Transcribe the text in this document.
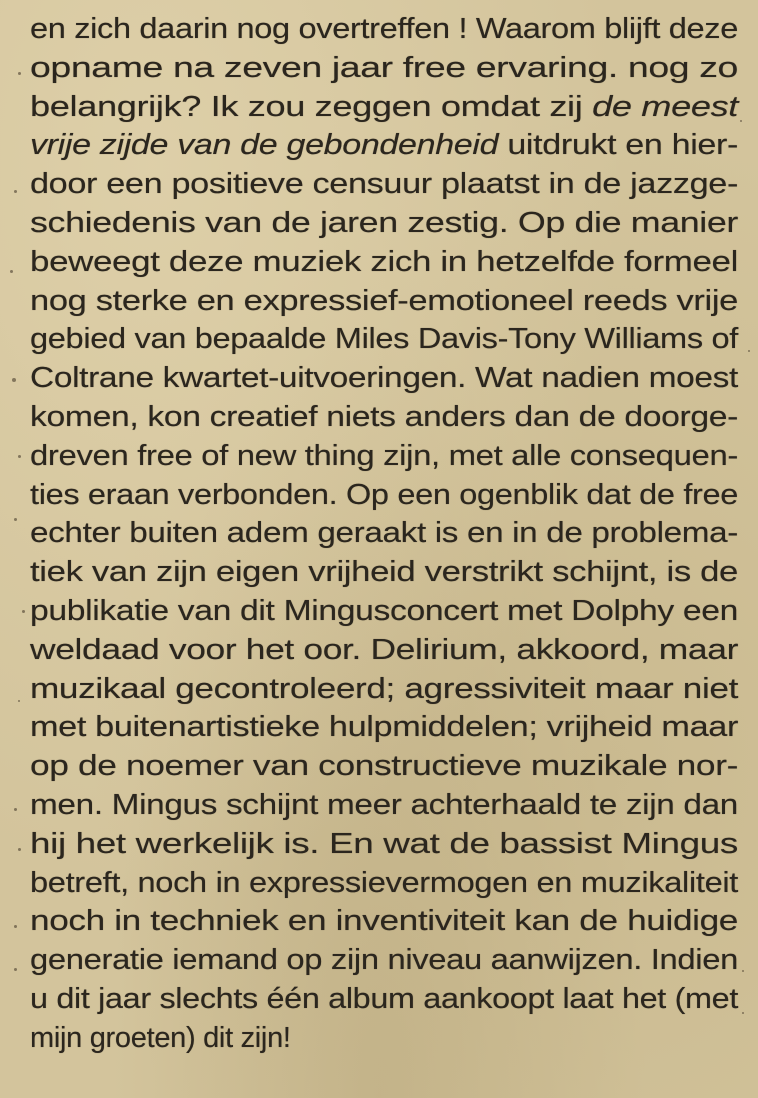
en zich daarin nog overtreffen ! Waarom blijft deze
opname na zeven jaar free ervaring. nog zo
belangrijk? Ik zou zeggen omdat zij de meest
vrije zijde van de gebondenheid uitdrukt en hier-
door een positieve censuur plaatst in de jazzge-
schiedenis van de jaren zestig. Op die manier
beweegt deze muziek zich in hetzelfde formeel
nog sterke en expressief-emotioneel reeds vrije
gebied van bepaalde Miles Davis-Tony Williams of
Coltrane kwartet-uitvoeringen. Wat nadien moest
komen, kon creatief niets anders dan de doorge-
dreven free of new thing zijn, met alle consequen-
ties eraan verbonden. Op een ogenblik dat de free
echter buiten adem geraakt is en in de problema-
tiek van zijn eigen vrijheid verstrikt schijnt, is de
publikatie van dit Mingusconcert met Dolphy een
weldaad voor het oor. Delirium, akkoord, maar
muzikaal gecontroleerd; agressiviteit maar niet
met buitenartistieke hulpmiddelen; vrijheid maar
op de noemer van constructieve muzikale nor-
men. Mingus schijnt meer achterhaald te zijn dan
hij het werkelijk is. En wat de bassist Mingus
betreft, noch in expressievermogen en muzikaliteit
noch in techniek en inventiviteit kan de huidige
generatie iemand op zijn niveau aanwijzen. Indien
u dit jaar slechts één album aankoopt laat het (met
mijn groeten) dit zijn!
